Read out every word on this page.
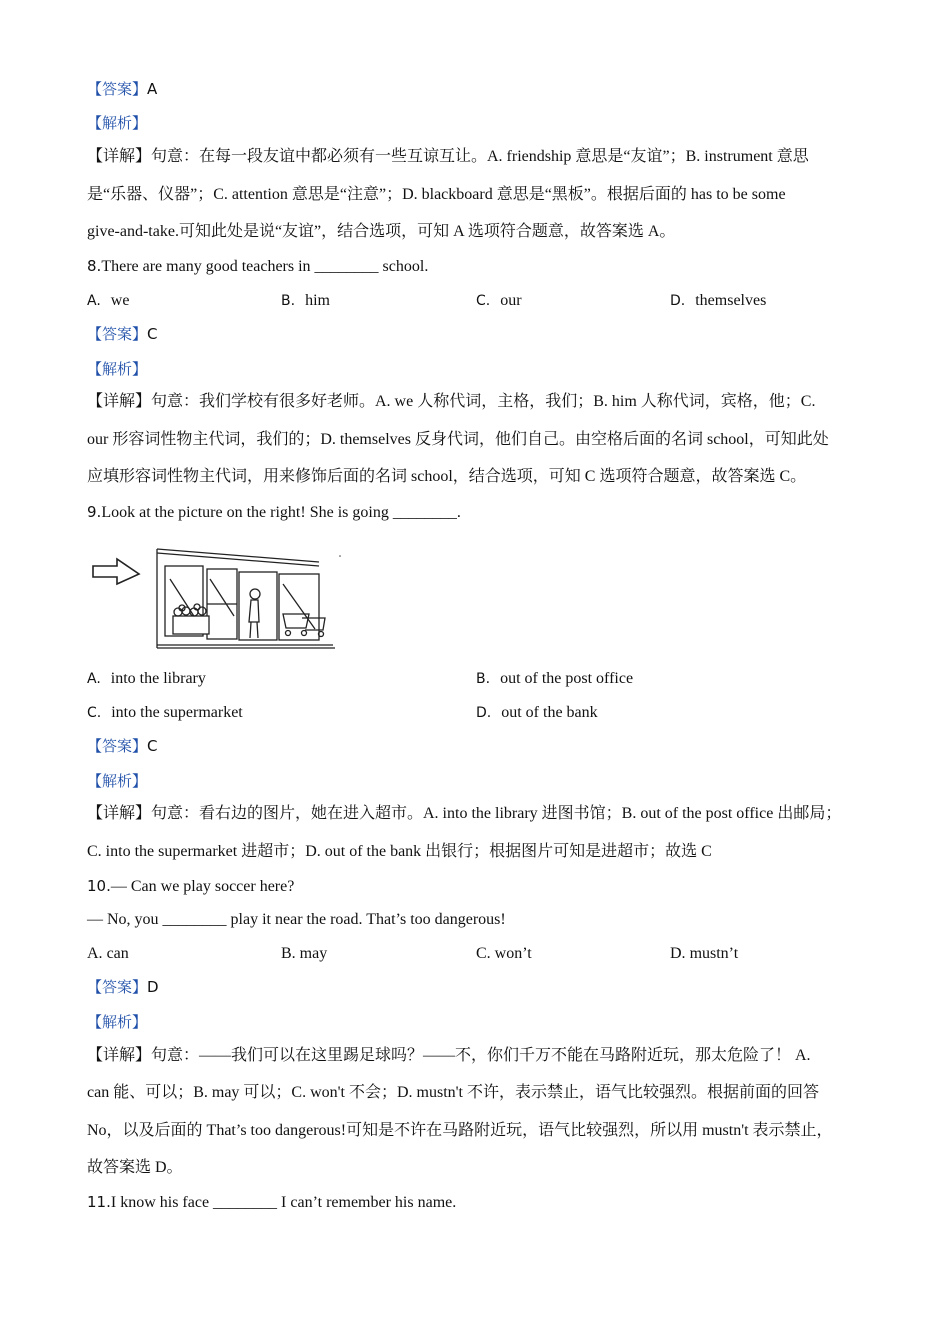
【答案】A
【解析】
【详解】句意：在每一段友谊中都必须有一些互谅互让。A. friendship 意思是“友谊”；B. instrument 意思
是“乐器、仪器”；C. attention 意思是“注意”；D. blackboard 意思是“黑板”。根据后面的 has to be some
give-and-take.可知此处是说“友谊”，结合选项，可知 A 选项符合题意，故答案选 A。
8.There are many good teachers in ________ school.
A. we	B. him	C. our	D. themselves
【答案】C
【解析】
【详解】句意：我们学校有很多好老师。A. we 人称代词，主格，我们；B. him 人称代词，宾格，他；C.
our 形容词性物主代词，我们的；D. themselves 反身代词，他们自己。由空格后面的名词 school，可知此处
应填形容词性物主代词，用来修饰后面的名词 school，结合选项，可知 C 选项符合题意，故答案选 C。
9.Look at the picture on the right! She is going ________.
A. into the library	B. out of the post office
C. into the supermarket	D. out of the bank
【答案】C
【解析】
【详解】句意：看右边的图片，她在进入超市。A. into the library 进图书馆；B. out of the post office 出邮局；
C. into the supermarket 进超市；D. out of the bank 出银行；根据图片可知是进超市；故选 C
10.— Can we play soccer here?
— No, you ________ play it near the road. That’s too dangerous!
A. can	B. may	C. won’t	D. mustn’t
【答案】D
【解析】
【详解】句意：——我们可以在这里踢足球吗？——不，你们千万不能在马路附近玩，那太危险了！ A.
can 能、可以；B. may 可以；C. won't 不会；D. mustn't 不许，表示禁止，语气比较强烈。根据前面的回答
No，以及后面的 That’s too dangerous!可知是不许在马路附近玩，语气比较强烈，所以用 mustn't 表示禁止，
故答案选 D。
11.I know his face ________ I can’t remember his name.
